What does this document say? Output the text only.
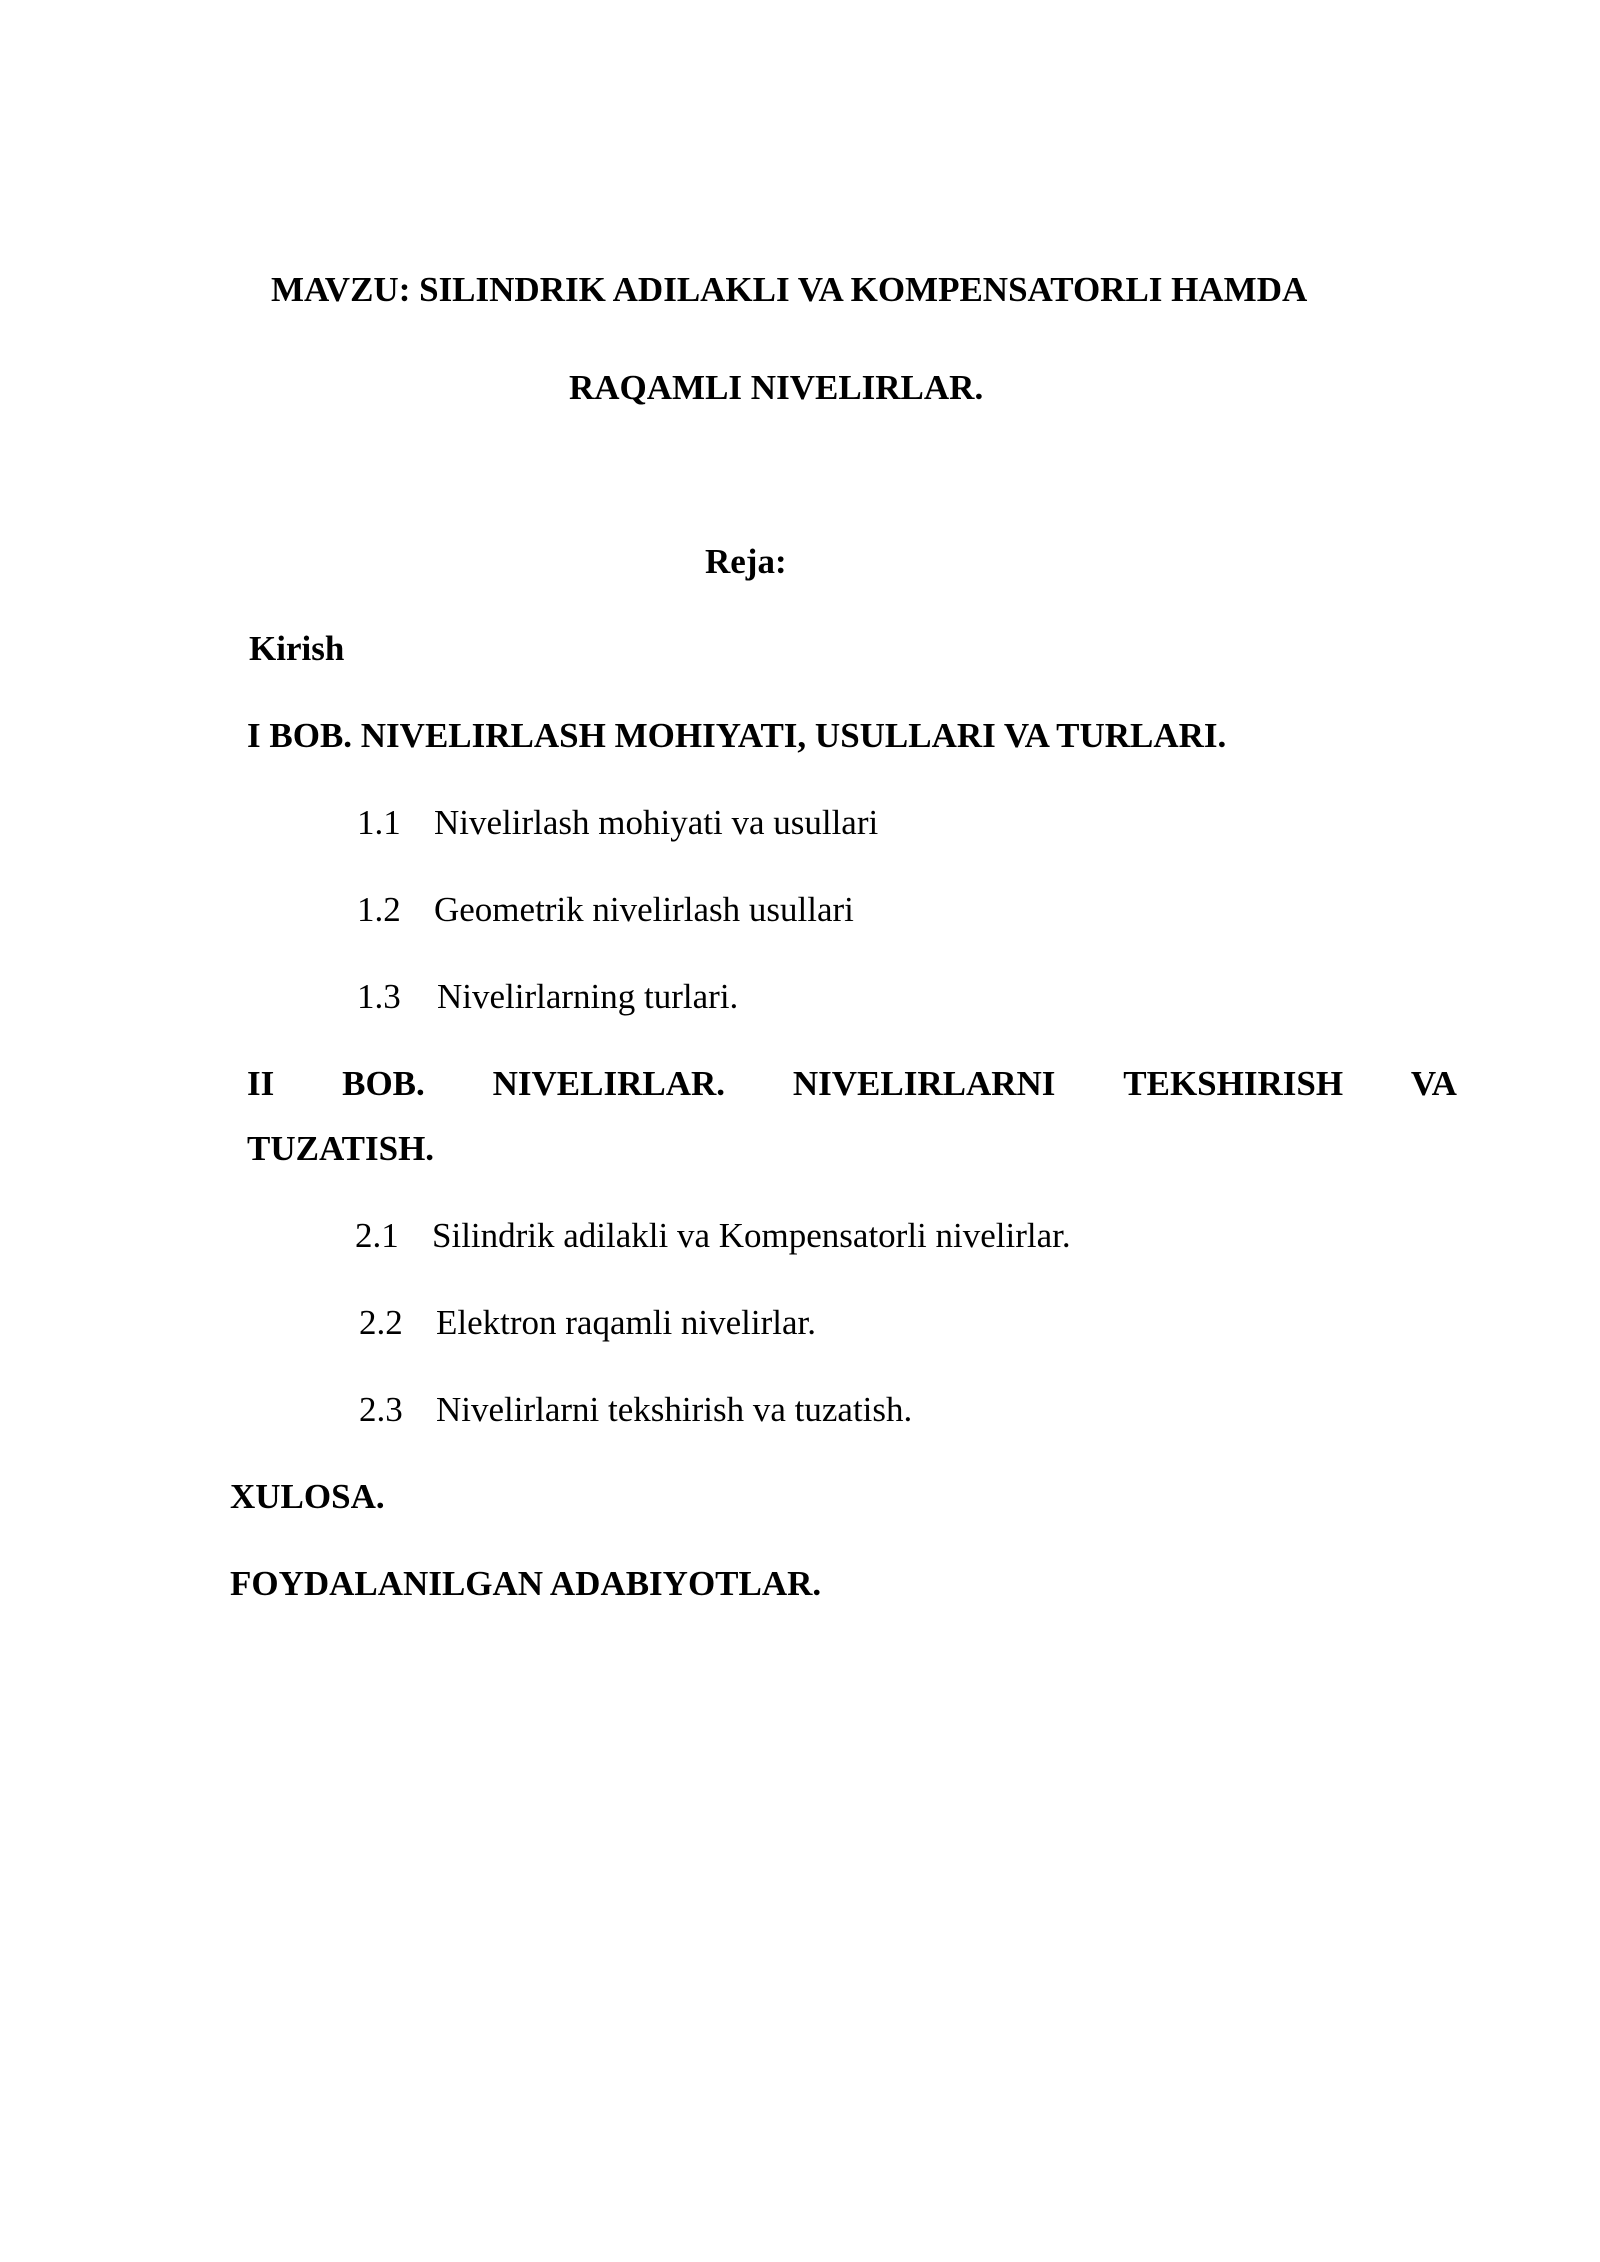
MAVZU: SILINDRIK ADILAKLI VA KOMPENSATORLI HAMDA
RAQAMLI NIVELIRLAR.
Reja:
Kirish
I BOB. NIVELIRLASH MOHIYATI, USULLARI VA TURLARI.
1.1 Nivelirlash mohiyati va usullari
1.2 Geometrik nivelirlash usullari
1.3 Nivelirlarning turlari.
II BOB. NIVELIRLAR. NIVELIRLARNI TEKSHIRISH VA
TUZATISH.
2.1 Silindrik adilakli va Kompensatorli nivelirlar.
2.2 Elektron raqamli nivelirlar.
2.3 Nivelirlarni tekshirish va tuzatish.
XULOSA.
FOYDALANILGAN ADABIYOTLAR.
